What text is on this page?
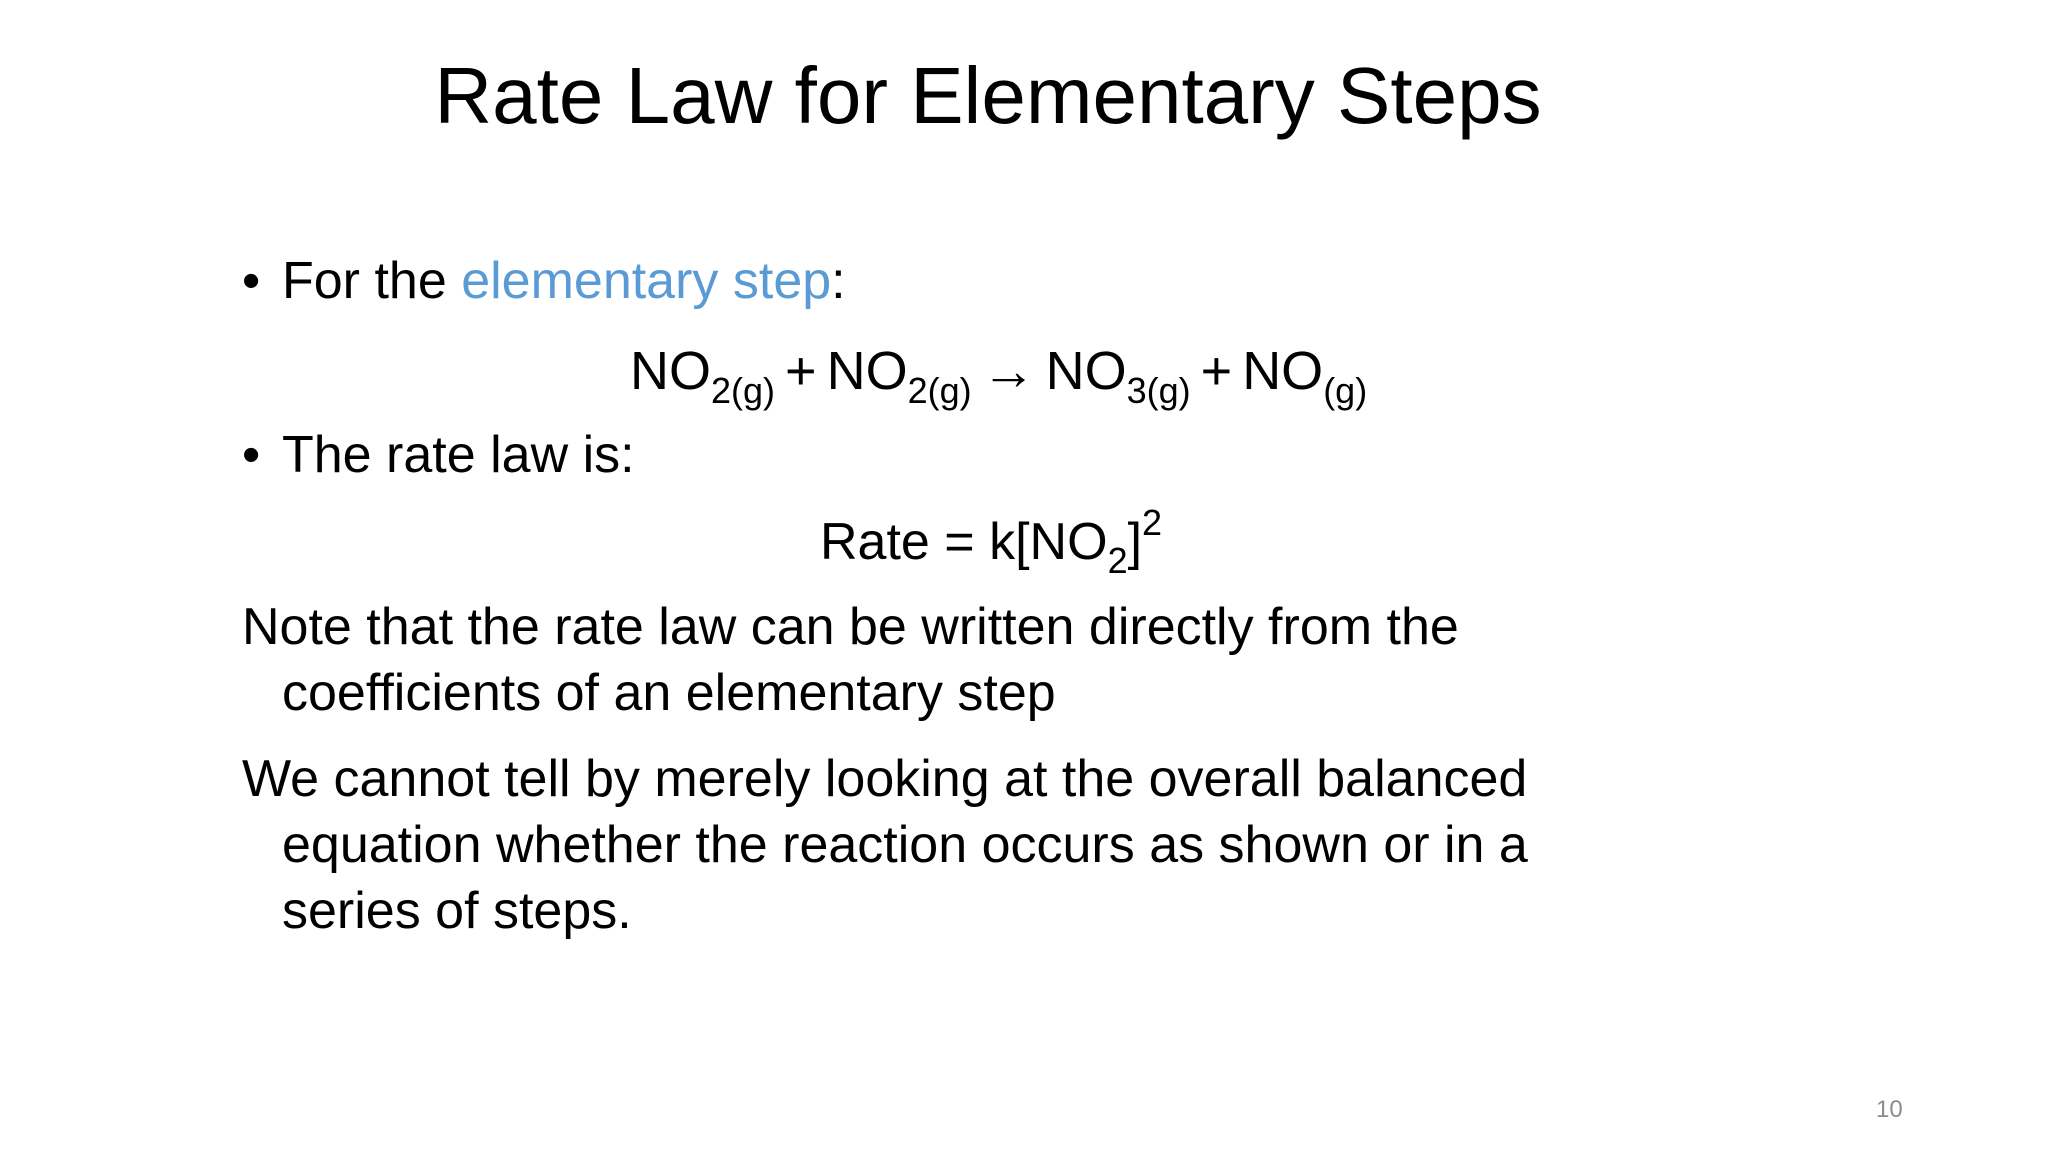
Rate Law for Elementary Steps
• For the elementary step:
$NO_{2(g)} + NO_{2(g)} \to NO_{3(g)} + NO_{(g)}$
• The rate law is:
Rate = $k[NO_2]^2$
Note that the rate law can be written directly from the
coefficients of an elementary step
We cannot tell by merely looking at the overall balanced
equation whether the reaction occurs as shown or in a
series of steps.
10
